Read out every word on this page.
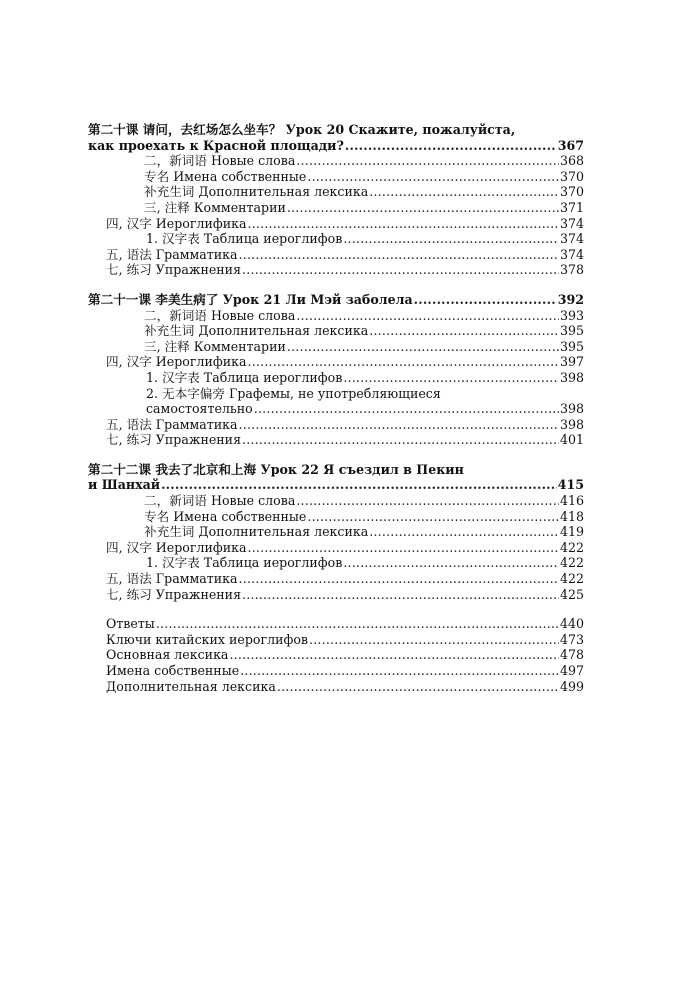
第二十课 请问，去红场怎么坐车？ Урок 20 Скажите, пожалуйста,
как проехать к Красной площади? .....	367
二，新词语 Новые слова .....	368
专名 Имена собственные .....	370
补充生词 Дополнительная лексика .....	370
三, 注释 Комментарии .....	371
四, 汉字 Иероглифика .....	374
1. 汉字表 Таблица иероглифов .....	374
五, 语法 Грамматика .....	374
七, 练习 Упражнения .....	378
第二十一课 李美生病了 Урок 21 Ли Мэй заболела .....	392
二，新词语 Новые слова .....	393
补充生词 Дополнительная лексика .....	395
三, 注释 Комментарии .....	395
四, 汉字 Иероглифика .....	397
1. 汉字表 Таблица иероглифов .....	398
2. 无本字偏旁 Графемы, не употребляющиеся
самостоятельно .....	398
五, 语法 Грамматика .....	398
七, 练习 Упражнения .....	401
第二十二课 我去了北京和上海 Урок 22 Я съездил в Пекин
и Шанхай .....	415
二，新词语 Новые слова .....	416
专名 Имена собственные .....	418
补充生词 Дополнительная лексика .....	419
四, 汉字 Иероглифика .....	422
1. 汉字表 Таблица иероглифов .....	422
五, 语法 Грамматика .....	422
七, 练习 Упражнения .....	425
Ответы .....	440
Ключи китайских иероглифов .....	473
Основная лексика .....	478
Имена собственные .....	497
Дополнительная лексика .....	499
